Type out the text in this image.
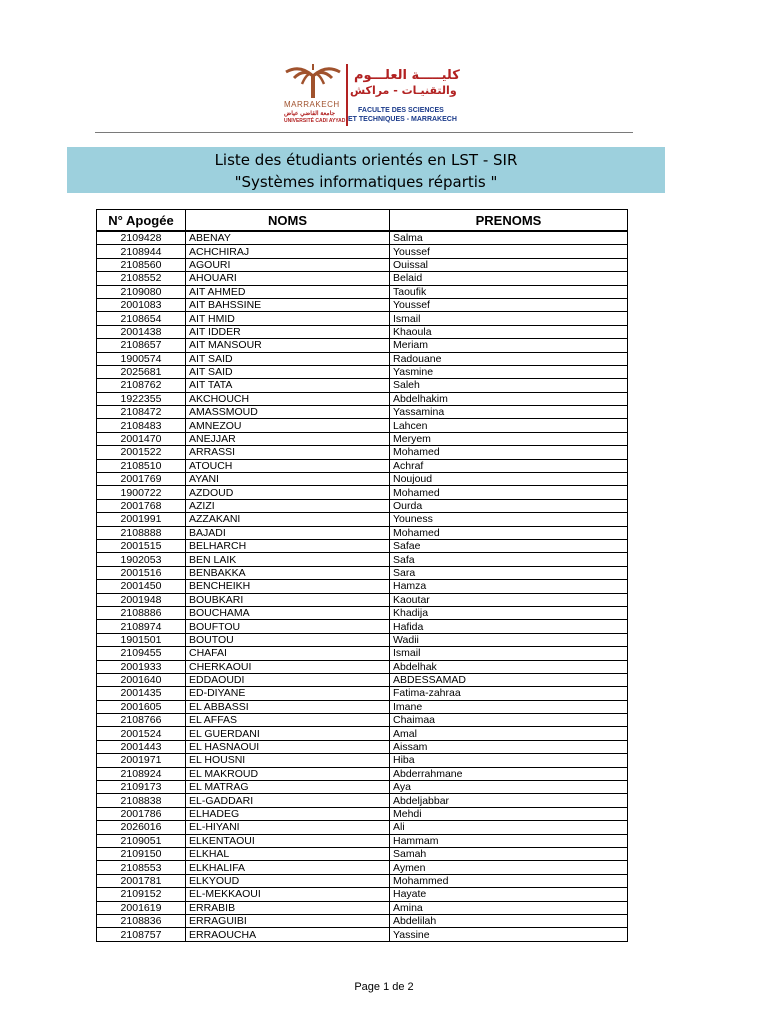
MARRAKECH
جامعة القاضي عياض
UNIVERSITÉ CADI AYYAD
كليـــــة العلـــوم
والتقنيـات - مراكش
FACULTE DES SCIENCES
ET TECHNIQUES - MARRAKECH
Liste des étudiants orientés en LST - SIR
"Systèmes informatiques répartis "
N° Apogée	NOMS	PRENOMS
2109428	ABENAY	Salma
2108944	ACHCHIRAJ	Youssef
2108560	AGOURI	Ouissal
2108552	AHOUARI	Belaid
2109080	AIT AHMED	Taoufik
2001083	AIT BAHSSINE	Youssef
2108654	AIT HMID	Ismail
2001438	AIT IDDER	Khaoula
2108657	AIT MANSOUR	Meriam
1900574	AIT SAID	Radouane
2025681	AIT SAID	Yasmine
2108762	AIT TATA	Saleh
1922355	AKCHOUCH	Abdelhakim
2108472	AMASSMOUD	Yassamina
2108483	AMNEZOU	Lahcen
2001470	ANEJJAR	Meryem
2001522	ARRASSI	Mohamed
2108510	ATOUCH	Achraf
2001769	AYANI	Noujoud
1900722	AZDOUD	Mohamed
2001768	AZIZI	Ourda
2001991	AZZAKANI	Youness
2108888	BAJADI	Mohamed
2001515	BELHARCH	Safae
1902053	BEN LAIK	Safa
2001516	BENBAKKA	Sara
2001450	BENCHEIKH	Hamza
2001948	BOUBKARI	Kaoutar
2108886	BOUCHAMA	Khadija
2108974	BOUFTOU	Hafida
1901501	BOUTOU	Wadii
2109455	CHAFAI	Ismail
2001933	CHERKAOUI	Abdelhak
2001640	EDDAOUDI	ABDESSAMAD
2001435	ED-DIYANE	Fatima-zahraa
2001605	EL ABBASSI	Imane
2108766	EL AFFAS	Chaimaa
2001524	EL GUERDANI	Amal
2001443	EL HASNAOUI	Aissam
2001971	EL HOUSNI	Hiba
2108924	EL MAKROUD	Abderrahmane
2109173	EL MATRAG	Aya
2108838	EL-GADDARI	Abdeljabbar
2001786	ELHADEG	Mehdi
2026016	EL-HIYANI	Ali
2109051	ELKENTAOUI	Hammam
2109150	ELKHAL	Samah
2108553	ELKHALIFA	Aymen
2001781	ELKYOUD	Mohammed
2109152	EL-MEKKAOUI	Hayate
2001619	ERRABIB	Amina
2108836	ERRAGUIBI	Abdelilah
2108757	ERRAOUCHA	Yassine
Page 1 de 2
